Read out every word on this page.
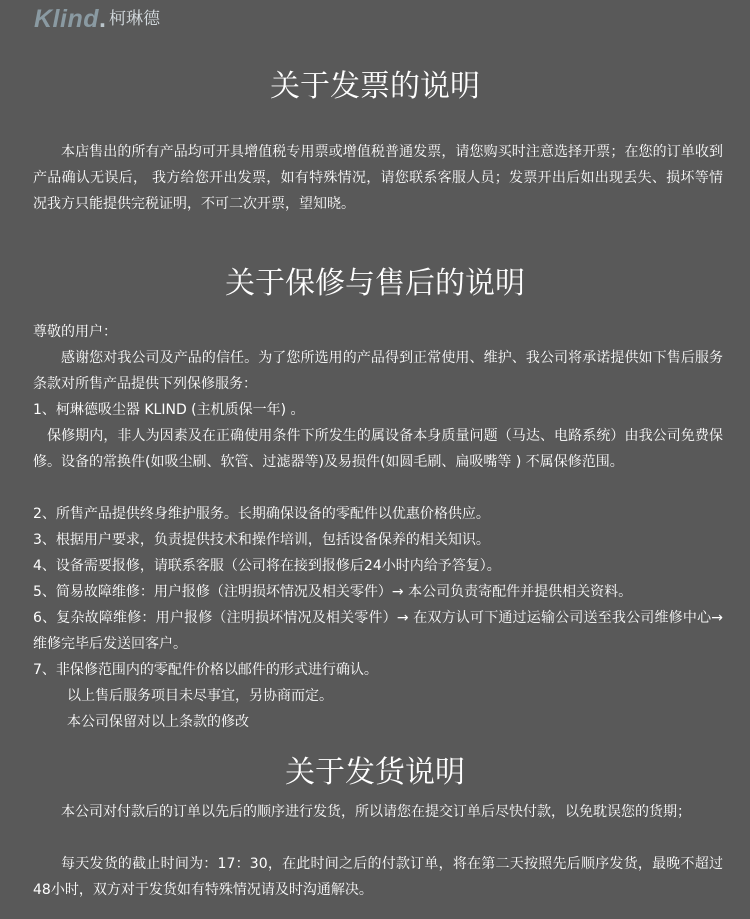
Klind . 柯琳德
关于发票的说明

本店售出的所有产品均可开具增值税专用票或增值税普通发票，请您购买时注意选择开票；在您的订单收到产品确认无误后， 我方给您开出发票，如有特殊情况，请您联系客服人员；发票开出后如出现丢失、损坏等情况我方只能提供完税证明，不可二次开票，望知晓。

关于保修与售后的说明

尊敬的用户：

感谢您对我公司及产品的信任。为了您所选用的产品得到正常使用、维护、我公司将承诺提供如下售后服务条款对所售产品提供下列保修服务：

1、柯琳德吸尘器 KLIND (主机质保一年) 。

保修期内，非人为因素及在正确使用条件下所发生的属设备本身质量问题（马达、电路系统）由我公司免费保修。设备的常换件(如吸尘刷、软管、过滤器等)及易损件(如圆毛刷、扁吸嘴等 ) 不属保修范围。

2、所售产品提供终身维护服务。长期确保设备的零配件以优惠价格供应。

3、根据用户要求，负责提供技术和操作培训，包括设备保养的相关知识。

4、设备需要报修，请联系客服（公司将在接到报修后24小时内给予答复）。

5、简易故障维修：用户报修（注明损坏情况及相关零件）→ 本公司负责寄配件并提供相关资料。

6、复杂故障维修：用户报修（注明损坏情况及相关零件）→ 在双方认可下通过运输公司送至我公司维修中心→ 维修完毕后发送回客户。

7、非保修范围内的零配件价格以邮件的形式进行确认。

以上售后服务项目未尽事宜，另协商而定。

本公司保留对以上条款的修改

关于发货说明

本公司对付款后的订单以先后的顺序进行发货，所以请您在提交订单后尽快付款，以免耽误您的货期；

每天发货的截止时间为：17：30，在此时间之后的付款订单，将在第二天按照先后顺序发货，最晚不超过48小时，双方对于发货如有特殊情况请及时沟通解决。
